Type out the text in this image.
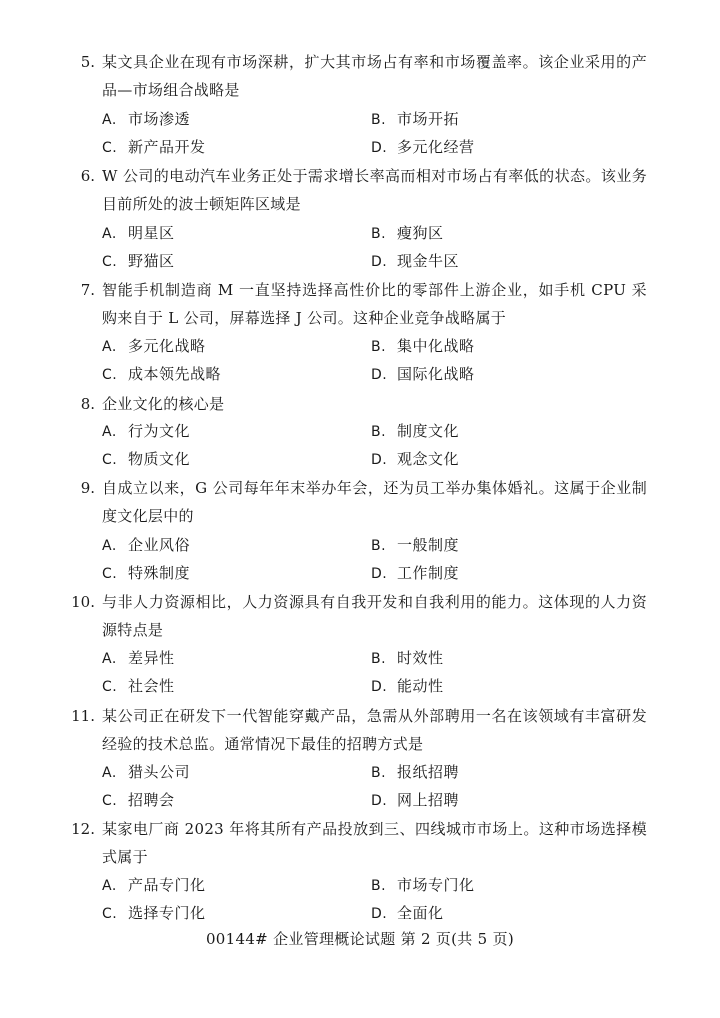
5. 某文具企业在现有市场深耕，扩大其市场占有率和市场覆盖率。该企业采用的产品—市场组合战略是
A. 市场渗透	B. 市场开拓
C. 新产品开发	D. 多元化经营
6. W 公司的电动汽车业务正处于需求增长率高而相对市场占有率低的状态。该业务目前所处的波士顿矩阵区域是
A. 明星区	B. 瘦狗区
C. 野猫区	D. 现金牛区
7. 智能手机制造商 M 一直坚持选择高性价比的零部件上游企业，如手机 CPU 采购来自于 L 公司，屏幕选择 J 公司。这种企业竞争战略属于
A. 多元化战略	B. 集中化战略
C. 成本领先战略	D. 国际化战略
8. 企业文化的核心是
A. 行为文化	B. 制度文化
C. 物质文化	D. 观念文化
9. 自成立以来，G 公司每年年末举办年会，还为员工举办集体婚礼。这属于企业制度文化层中的
A. 企业风俗	B. 一般制度
C. 特殊制度	D. 工作制度
10. 与非人力资源相比，人力资源具有自我开发和自我利用的能力。这体现的人力资源特点是
A. 差异性	B. 时效性
C. 社会性	D. 能动性
11. 某公司正在研发下一代智能穿戴产品，急需从外部聘用一名在该领域有丰富研发经验的技术总监。通常情况下最佳的招聘方式是
A. 猎头公司	B. 报纸招聘
C. 招聘会	D. 网上招聘
12. 某家电厂商 2023 年将其所有产品投放到三、四线城市市场上。这种市场选择模式属于
A. 产品专门化	B. 市场专门化
C. 选择专门化	D. 全面化
00144# 企业管理概论试题 第 2 页(共 5 页)
